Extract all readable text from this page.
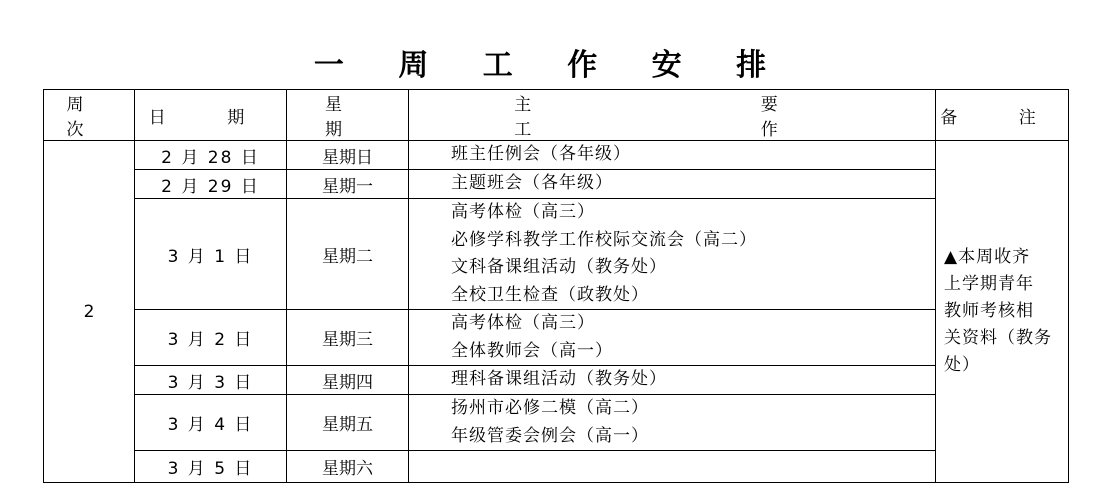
一 周 工 作 安 排
周 次	日 期	星 期	主 要 工 作	备 注
2	2 月 28 日	星期日	班主任例会（各年级）	▲本周收齐
上学期青年
教师考核相
关资料（教务
处）

	2 月 29 日	星期一	主题班会（各年级）	

	3 月 1 日	星期二	高考体检（高三）
必修学科教学工作校际交流会（高二）
文科备课组活动（教务处）
全校卫生检查（政教处）	

	3 月 2 日	星期三	高考体检（高三）
全体教师会（高一）	

	3 月 3 日	星期四	理科备课组活动（教务处）	

	3 月 4 日	星期五	扬州市必修二模（高二）
年级管委会例会（高一）	

	3 月 5 日	星期六		
